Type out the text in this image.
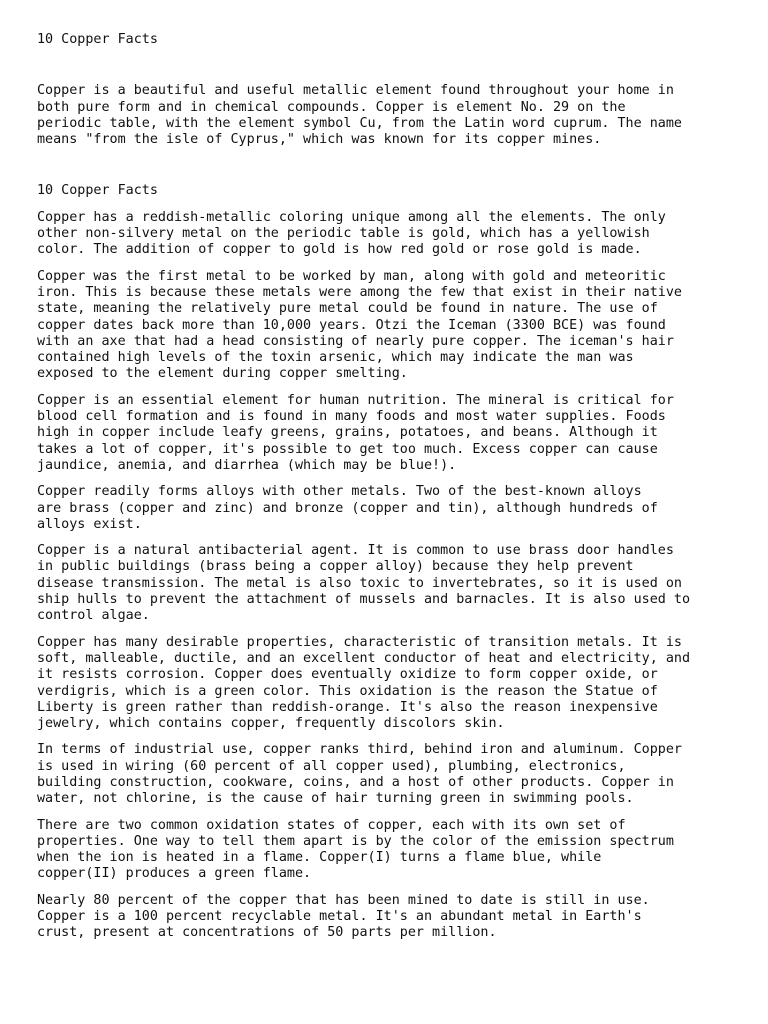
10 Copper Facts
Copper is a beautiful and useful metallic element found throughout your home in
both pure form and in chemical compounds. Copper is element No. 29 on the
periodic table, with the element symbol Cu, from the Latin word cuprum. The name
means "from the isle of Cyprus," which was known for its copper mines.
10 Copper Facts
Copper has a reddish-metallic coloring unique among all the elements. The only
other non-silvery metal on the periodic table is gold, which has a yellowish
color. The addition of copper to gold is how red gold or rose gold is made.
Copper was the first metal to be worked by man, along with gold and meteoritic
iron. This is because these metals were among the few that exist in their native
state, meaning the relatively pure metal could be found in nature. The use of
copper dates back more than 10,000 years. Otzi the Iceman (3300 BCE) was found
with an axe that had a head consisting of nearly pure copper. The iceman's hair
contained high levels of the toxin arsenic, which may indicate the man was
exposed to the element during copper smelting.
Copper is an essential element for human nutrition. The mineral is critical for
blood cell formation and is found in many foods and most water supplies. Foods
high in copper include leafy greens, grains, potatoes, and beans. Although it
takes a lot of copper, it's possible to get too much. Excess copper can cause
jaundice, anemia, and diarrhea (which may be blue!).
Copper readily forms alloys with other metals. Two of the best-known alloys
are brass (copper and zinc) and bronze (copper and tin), although hundreds of
alloys exist.
Copper is a natural antibacterial agent. It is common to use brass door handles
in public buildings (brass being a copper alloy) because they help prevent
disease transmission. The metal is also toxic to invertebrates, so it is used on
ship hulls to prevent the attachment of mussels and barnacles. It is also used to
control algae.
Copper has many desirable properties, characteristic of transition metals. It is
soft, malleable, ductile, and an excellent conductor of heat and electricity, and
it resists corrosion. Copper does eventually oxidize to form copper oxide, or
verdigris, which is a green color. This oxidation is the reason the Statue of
Liberty is green rather than reddish-orange. It's also the reason inexpensive
jewelry, which contains copper, frequently discolors skin.
In terms of industrial use, copper ranks third, behind iron and aluminum. Copper
is used in wiring (60 percent of all copper used), plumbing, electronics,
building construction, cookware, coins, and a host of other products. Copper in
water, not chlorine, is the cause of hair turning green in swimming pools.
There are two common oxidation states of copper, each with its own set of
properties. One way to tell them apart is by the color of the emission spectrum
when the ion is heated in a flame. Copper(I) turns a flame blue, while
copper(II) produces a green flame.
Nearly 80 percent of the copper that has been mined to date is still in use.
Copper is a 100 percent recyclable metal. It's an abundant metal in Earth's
crust, present at concentrations of 50 parts per million.
